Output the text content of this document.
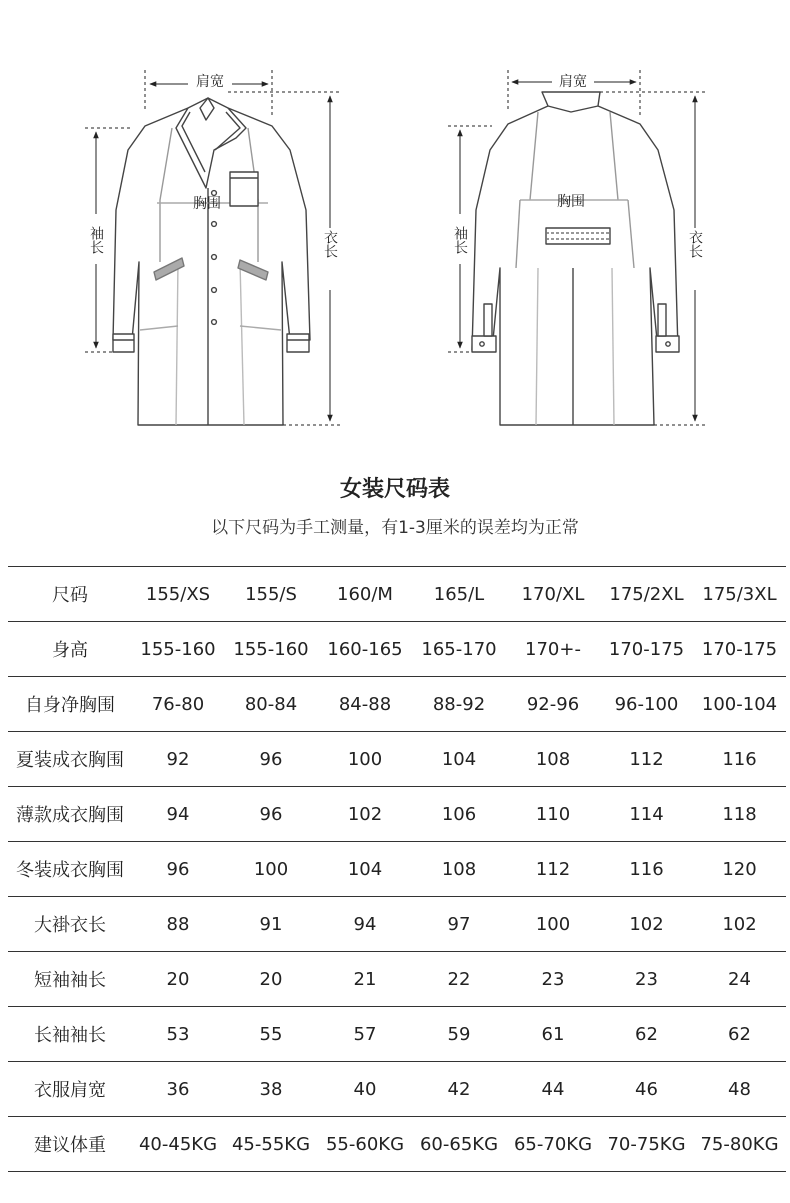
肩宽
胸围
袖长	衣长
肩宽
胸围
袖长	衣长
女装尺码表
以下尺码为手工测量，有1-3厘米的误差均为正常
尺码	155/XS	155/S	160/M	165/L	170/XL	175/2XL	175/3XL
身高	155-160	155-160	160-165	165-170	170+-	170-175	170-175
自身净胸围	76-80	80-84	84-88	88-92	92-96	96-100	100-104
夏装成衣胸围	92	96	100	104	108	112	116
薄款成衣胸围	94	96	102	106	110	114	118
冬装成衣胸围	96	100	104	108	112	116	120
大褂衣长	88	91	94	97	100	102	102
短袖袖长	20	20	21	22	23	23	24
长袖袖长	53	55	57	59	61	62	62
衣服肩宽	36	38	40	42	44	46	48
建议体重	40-45KG	45-55KG	55-60KG	60-65KG	65-70KG	70-75KG	75-80KG
